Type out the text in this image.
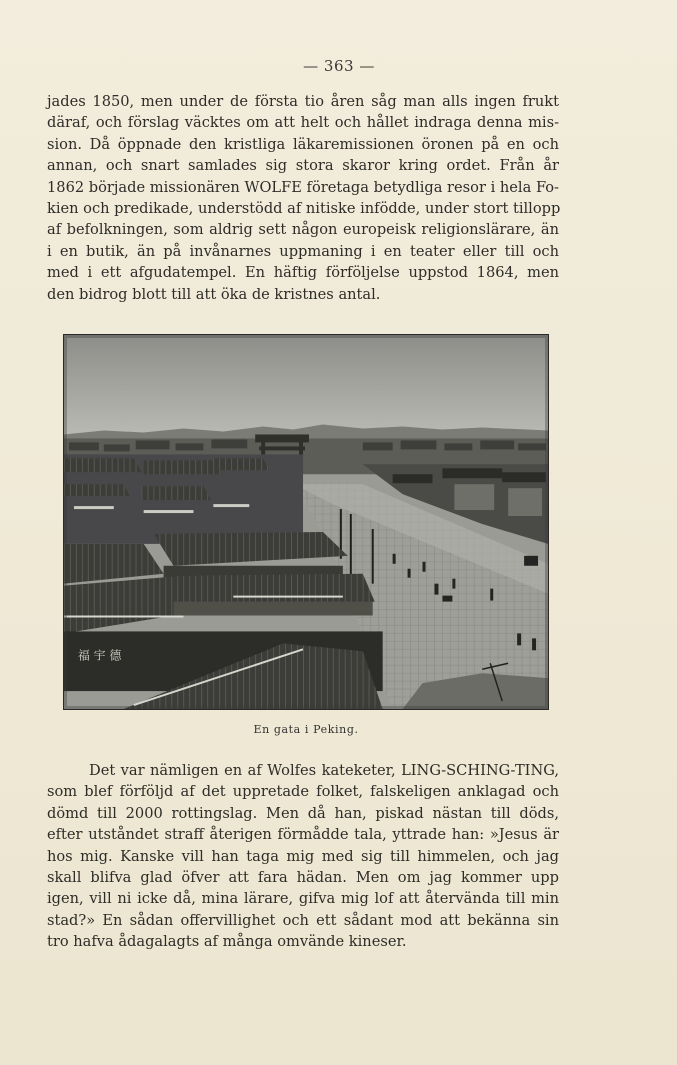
— 363 —
jades 1850, men under de första tio åren såg man alls ingen frukt
däraf, och förslag väcktes om att helt och hållet indraga denna mis-
sion. Då öppnade den kristliga läkaremissionen öronen på en och
annan, och snart samlades sig stora skaror kring ordet. Från år
1862 började missionären WOLFE företaga betydliga resor i hela Fo-
kien och predikade, understödd af nitiske infödde, under stort tillopp
af befolkningen, som aldrig sett någon europeisk religionslärare, än
i en butik, än på invånarnes uppmaning i en teater eller till och
med i ett afgudatempel. En häftig förföljelse uppstod 1864, men
den bidrog blott till att öka de kristnes antal.
福 宇 德
En gata i Peking.
Det var nämligen en af Wolfes kateketer, LING-SCHING-TING,
som blef förföljd af det uppretade folket, falskeligen anklagad och
dömd till 2000 rottingslag. Men då han, piskad nästan till döds,
efter utståndet straff återigen förmådde tala, yttrade han: »Jesus är
hos mig. Kanske vill han taga mig med sig till himmelen, och jag
skall blifva glad öfver att fara hädan. Men om jag kommer upp
igen, vill ni icke då, mina lärare, gifva mig lof att återvända till min
stad?» En sådan offervillighet och ett sådant mod att bekänna sin
tro hafva ådagalagts af många omvände kineser.
